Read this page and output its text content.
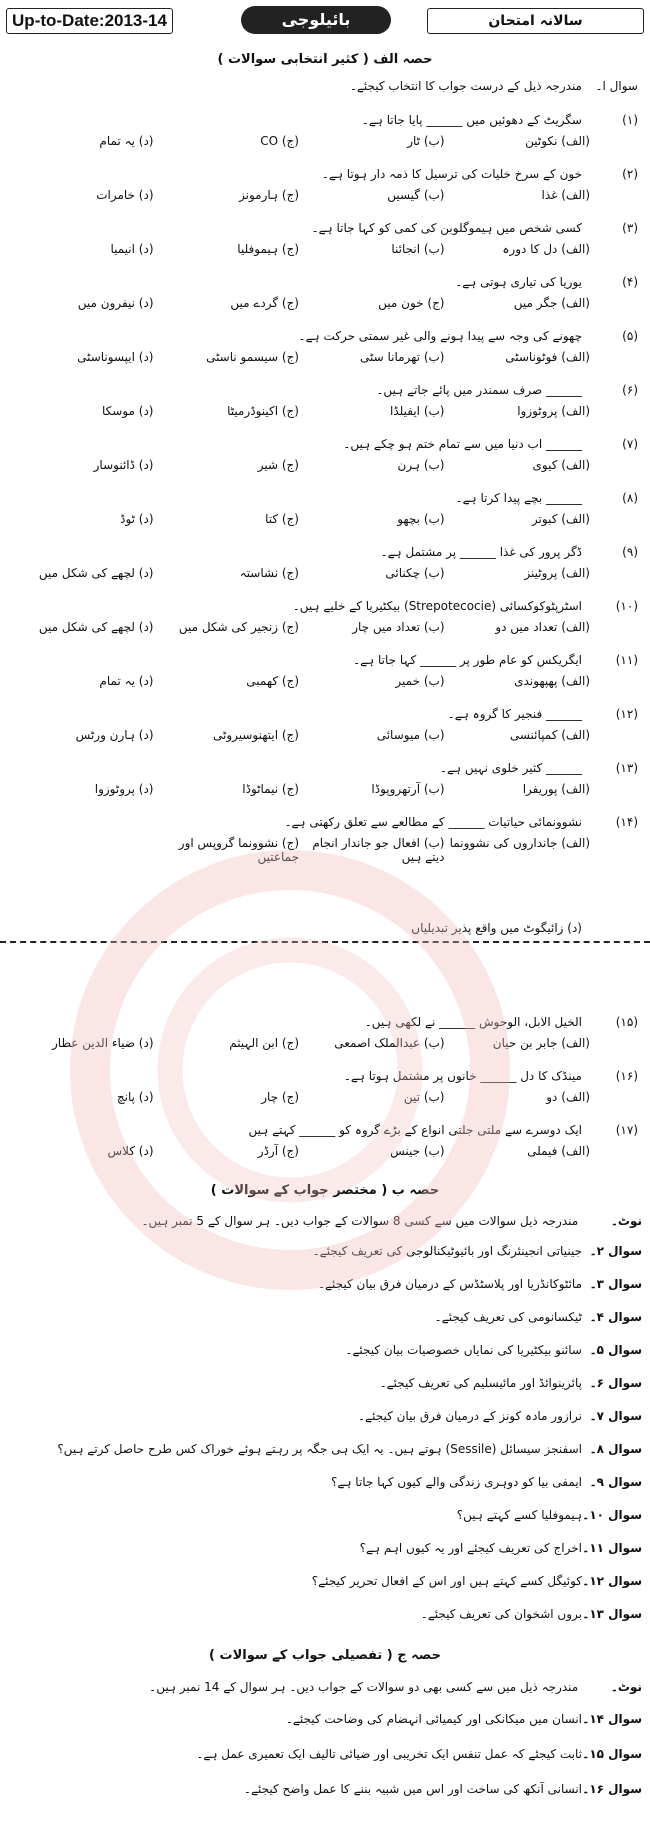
Up-to-Date:2013-14	بائیلوجی	سالانہ امتحان
حصہ الف ( کثیر انتخابی سوالات )
سوال ا۔
مندرجہ ذیل کے درست جواب کا انتخاب کیجئے۔
(۱)
سگریٹ کے دھوئیں میں ______ پایا جاتا ہے۔
(الف) نکوٹین
(ب) ٹار
(ج) CO
(د) یہ تمام
(۲)
خون کے سرخ خلیات کی ترسیل کا ذمہ دار ہوتا ہے۔
(الف) غذا
(ب) گیسیں
(ج) ہارمونز
(د) خامرات
(۳)
کسی شخص میں ہیموگلوبن کی کمی کو کہا جاتا ہے۔
(الف) دل کا دورہ
(ب) انجائنا
(ج) ہیموفلیا
(د) انیمیا
(۴)
یوریا کی تیاری ہوتی ہے۔
(الف) جگر میں
(ج) خون میں
(ج) گردے میں
(د) نیفرون میں
(۵)
چھونے کی وجہ سے پیدا ہونے والی غیر سمتی حرکت ہے۔
(الف) فوٹوناسٹی
(ب) تھرمانا سٹی
(ج) سیسمو ناسٹی
(د) ایپسوناسٹی
(۶)
______ صرف سمندر میں پائے جاتے ہیں۔
(الف) پروٹوزوا
(ب) ایفیلڈا
(ج) اکینوڈرمیٹا
(د) موسکا
(۷)
______ اب دنیا میں سے تمام ختم ہو چکے ہیں۔
(الف) کیوی
(ب) ہرن
(ج) شیر
(د) ڈائنوسار
(۸)
______ بچے پیدا کرتا ہے۔
(الف) کبوتر
(ب) بچھو
(ج) کتا
(د) ٹوڈ
(۹)
ڈگر پرور کی غذا ______ پر مشتمل ہے۔
(الف) پروٹینز
(ب) چکنائی
(ج) نشاستہ
(د) لچھے کی شکل میں
(۱۰)
اسٹرپٹوکوکسائی (Strepotecocie) بیکٹیریا کے خلیے ہیں۔
(الف) تعداد میں دو
(ب) تعداد میں چار
(ج) زنجیر کی شکل میں
(د) لچھے کی شکل میں
(۱۱)
ایگریکس کو عام طور پر ______ کہا جاتا ہے۔
(الف) پھپھوندی
(ب) خمیر
(ج) کھمبی
(د) یہ تمام
(۱۲)
______ فنجیر کا گروہ ہے۔
(الف) کمپائنسی
(ب) میوسائی
(ج) ایتھنوسیروٹی
(د) ہارن ورٹس
(۱۳)
______ کثیر خلوی نہیں ہے۔
(الف) پوریفرا
(ب) آرتھروپوڈا
(ج) نیماٹوڈا
(د) پروٹوزوا
(۱۴)
نشوونمائی حیاتیات ______ کے مطالعے سے تعلق رکھتی ہے۔
(الف) جانداروں کی نشوونما
(ب) افعال جو جاندار انجام دیتے ہیں
(ج) نشوونما گروپس اور جماعتیں
(د) زائیگوٹ میں واقع پذیر تبدیلیاں
(۱۵)
الخیل الابل، الوحوش ______ نے لکھی ہیں۔
(الف) جابر بن حیان
(ب) عبدالملک اصمعی
(ج) ابن الہیثم
(د) ضیاء الدین عطار
(۱۶)
مینڈک کا دل ______ خانوں پر مشتمل ہوتا ہے۔
(الف) دو
(ب) تین
(ج) چار
(د) پانچ
(۱۷)
ایک دوسرے سے ملتی جلتی انواع کے بڑے گروہ کو ______ کہتے ہیں
(الف) فیملی
(ب) جینس
(ج) آرڈر
(د) کلاس
حصہ ب ( مختصر جواب کے سوالات )
نوٹ۔ مندرجہ ذیل سوالات میں سے کسی 8 سوالات کے جواب دیں۔ ہر سوال کے 5 نمبر ہیں۔
سوال ۲۔جینیاتی انجینئرنگ اور بائیوٹیکنالوجی کی تعریف کیجئے۔
سوال ۳۔مائٹوکانڈریا اور پلاسٹڈس کے درمیان فرق بیان کیجئے۔
سوال ۴۔ٹیکسانومی کی تعریف کیجئے۔
سوال ۵۔سائنو بیکٹیریا کی نمایاں خصوصیات بیان کیجئے۔
سوال ۶۔پائرینوائڈ اور مائیسلیم کی تعریف کیجئے۔
سوال ۷۔نرازور مادہ کونز کے درمیان فرق بیان کیجئے۔
سوال ۸۔اسفنجز سیسائل (Sessile) ہوتے ہیں۔ یہ ایک ہی جگہ پر رہتے ہوئے خوراک کس طرح حاصل کرتے ہیں؟
سوال ۹۔ایمفی بیا کو دوہری زندگی والے کیوں کہا جاتا ہے؟
سوال ۱۰۔ہیموفلیا کسے کہتے ہیں؟
سوال ۱۱۔اخراج کی تعریف کیجئے اور یہ کیوں اہم ہے؟
سوال ۱۲۔کوئیگل کسے کہتے ہیں اور اس کے افعال تحریر کیجئے؟
سوال ۱۳۔بروں اشخوان کی تعریف کیجئے۔
حصہ ج ( تفصیلی جواب کے سوالات )
نوٹ۔ مندرجہ ذیل میں سے کسی بھی دو سوالات کے جواب دیں۔ ہر سوال کے 14 نمبر ہیں۔
سوال ۱۴۔انسان میں میکانکی اور کیمیائی انہضام کی وضاحت کیجئے۔
سوال ۱۵۔ثابت کیجئے کہ عمل تنفس ایک تخریبی اور ضیائی تالیف ایک تعمیری عمل ہے۔
سوال ۱۶۔انسانی آنکھ کی ساخت اور اس میں شبیہ بننے کا عمل واضح کیجئے۔
